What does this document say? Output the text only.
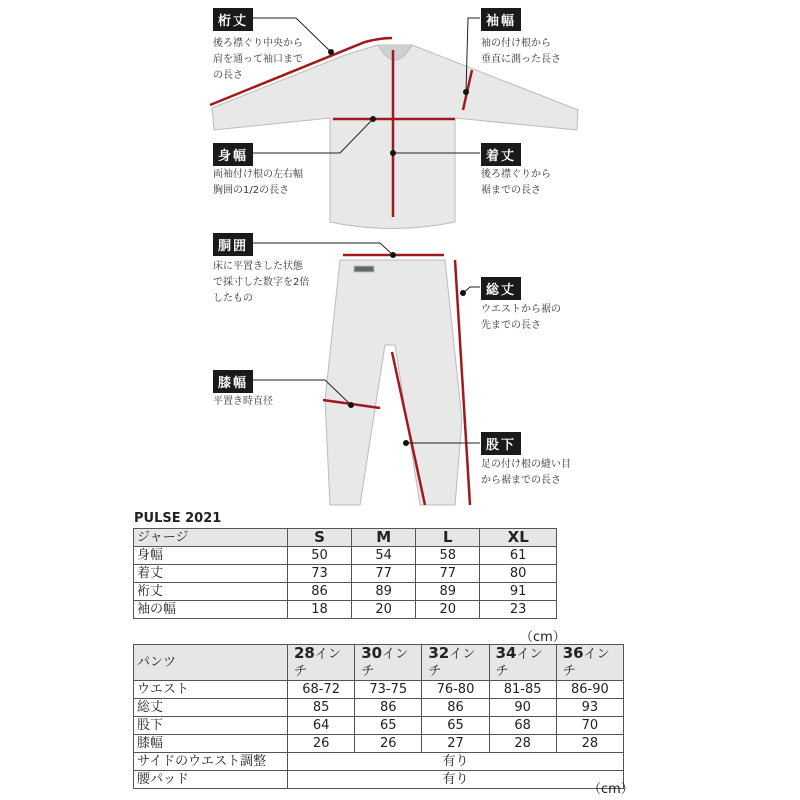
桁丈
後ろ襟ぐり中央から
肩を通って袖口まで
の長さ
袖幅
袖の付け根から
垂直に測った長さ
身幅
両袖付け根の左右幅
胸囲の1/2の長さ
着丈
後ろ襟ぐりから
裾までの長さ
胴囲
床に平置きした状態
で採寸した数字を2倍
したもの
総丈
ウエストから裾の
先までの長さ
膝幅
平置き時直径
股下
足の付け根の縫い目
から裾までの長さ
PULSE 2021
ジャージ	S	M	L	XL
身幅	50	54	58	61
着丈	73	77	77	80
裄丈	86	89	89	91
袖の幅	18	20	20	23
（cm）
パンツ	28インチ	30インチ	32インチ	34インチ	36インチ
ウエスト	68-72	73-75	76-80	81-85	86-90
総丈	85	86	86	90	93
股下	64	65	65	68	70
膝幅	26	26	27	28	28
サイドのウエスト調整	有り				
腰パッド	有り				
（cm）
